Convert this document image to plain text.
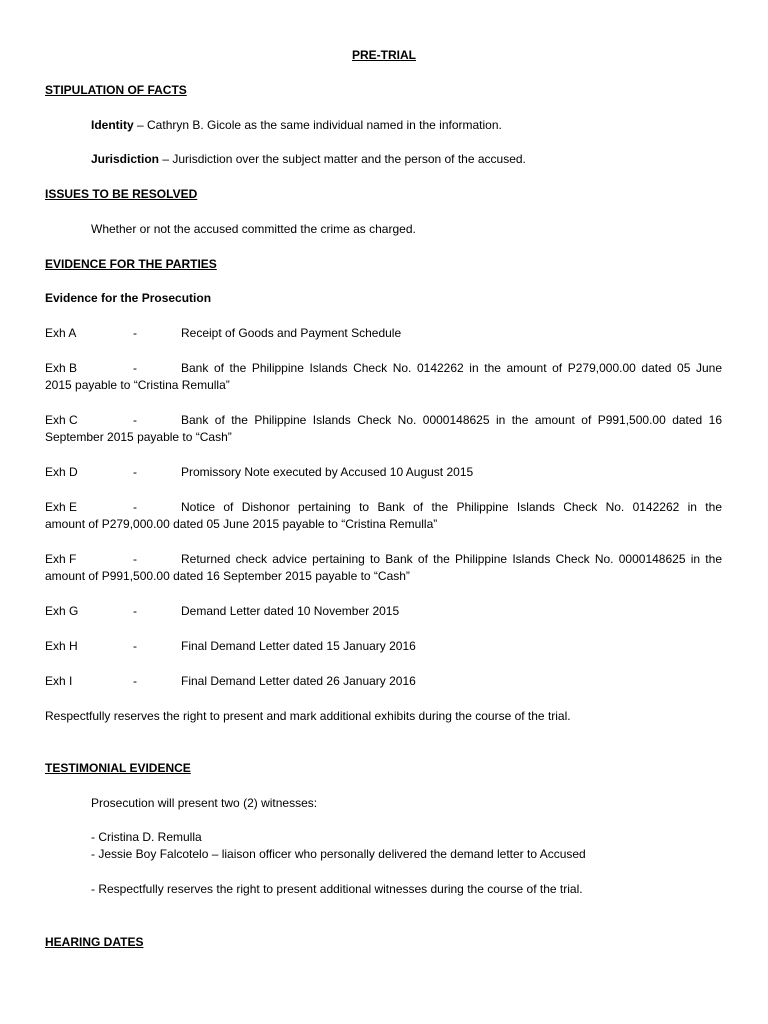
PRE-TRIAL
STIPULATION OF FACTS
Identity – Cathryn B. Gicole as the same individual named in the information.
Jurisdiction – Jurisdiction over the subject matter and the person of the accused.
ISSUES TO BE RESOLVED
Whether or not the accused committed the crime as charged.
EVIDENCE FOR THE PARTIES
Evidence for the Prosecution
Exh A	-	Receipt of Goods and Payment Schedule
Exh B	-	Bank of the Philippine Islands Check No. 0142262 in the amount of P279,000.00 dated 05 June
2015 payable to “Cristina Remulla”
Exh C	-	Bank of the Philippine Islands Check No. 0000148625 in the amount of P991,500.00 dated 16
September 2015 payable to “Cash”
Exh D	-	Promissory Note executed by Accused 10 August 2015
Exh E	-	Notice of Dishonor pertaining to Bank of the Philippine Islands Check No. 0142262 in the
amount of P279,000.00 dated 05 June 2015 payable to “Cristina Remulla”
Exh F	-	Returned check advice pertaining to Bank of the Philippine Islands Check No. 0000148625 in the
amount of P991,500.00 dated 16 September 2015 payable to “Cash”
Exh G	-	Demand Letter dated 10 November 2015
Exh H	-	Final Demand Letter dated 15 January 2016
Exh I	-	Final Demand Letter dated 26 January 2016
Respectfully reserves the right to present and mark additional exhibits during the course of the trial.
TESTIMONIAL EVIDENCE
Prosecution will present two (2) witnesses:
- Cristina D. Remulla
- Jessie Boy Falcotelo – liaison officer who personally delivered the demand letter to Accused
- Respectfully reserves the right to present additional witnesses during the course of the trial.
HEARING DATES
